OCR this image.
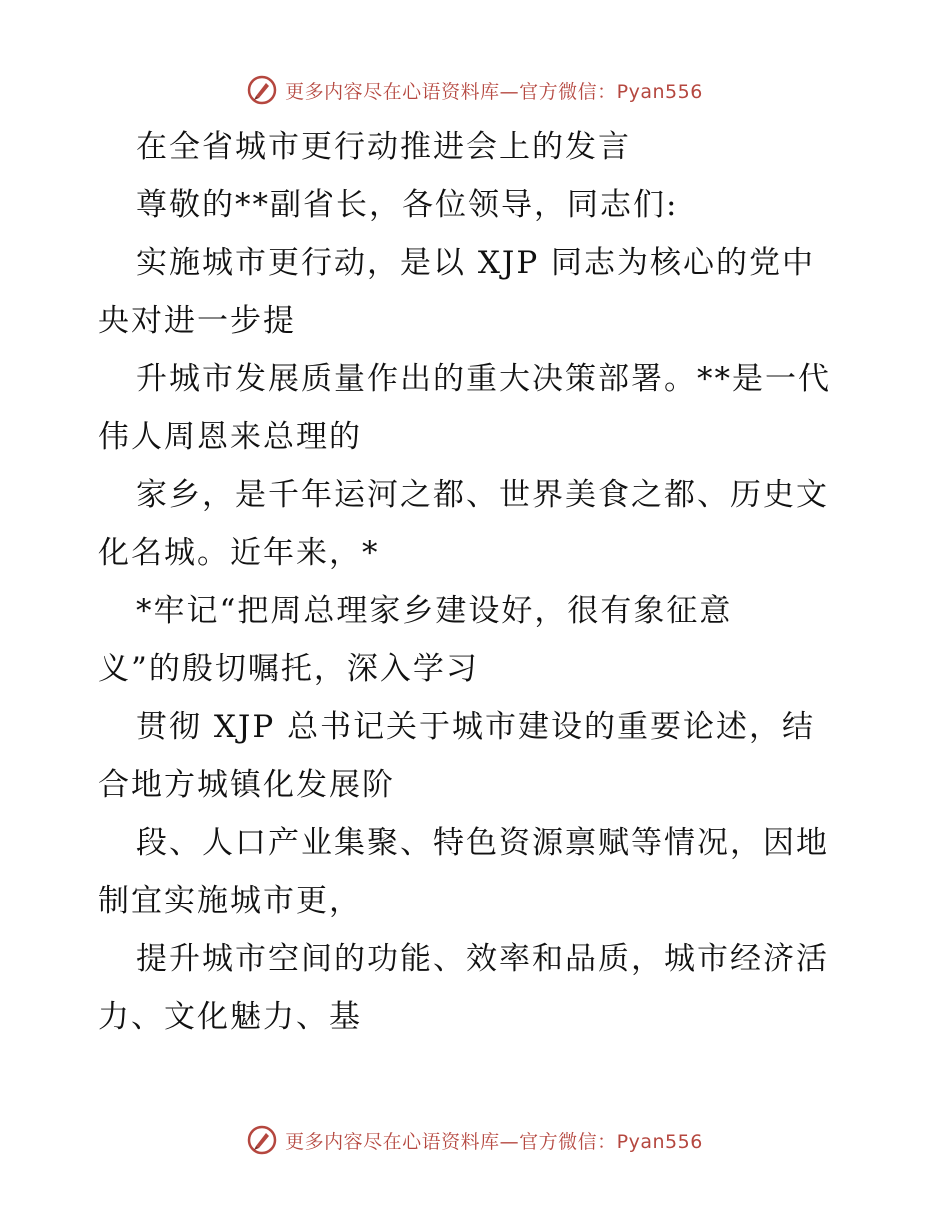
更多内容尽在心语资料库—官方微信：Pyan556
在全省城市更行动推进会上的发言
尊敬的**副省长，各位领导，同志们:
实施城市更行动，是以 XJP 同志为核心的党中
央对进一步提
升城市发展质量作出的重大决策部署。**是一代
伟人周恩来总理的
家乡，是千年运河之都、世界美食之都、历史文
化名城。近年来，*
*牢记“把周总理家乡建设好，很有象征意
义”的殷切嘱托，深入学习
贯彻 XJP 总书记关于城市建设的重要论述，结
合地方城镇化发展阶
段、人口产业集聚、特色资源禀赋等情况，因地
制宜实施城市更，
提升城市空间的功能、效率和品质，城市经济活
力、文化魅力、基
更多内容尽在心语资料库—官方微信：Pyan556
